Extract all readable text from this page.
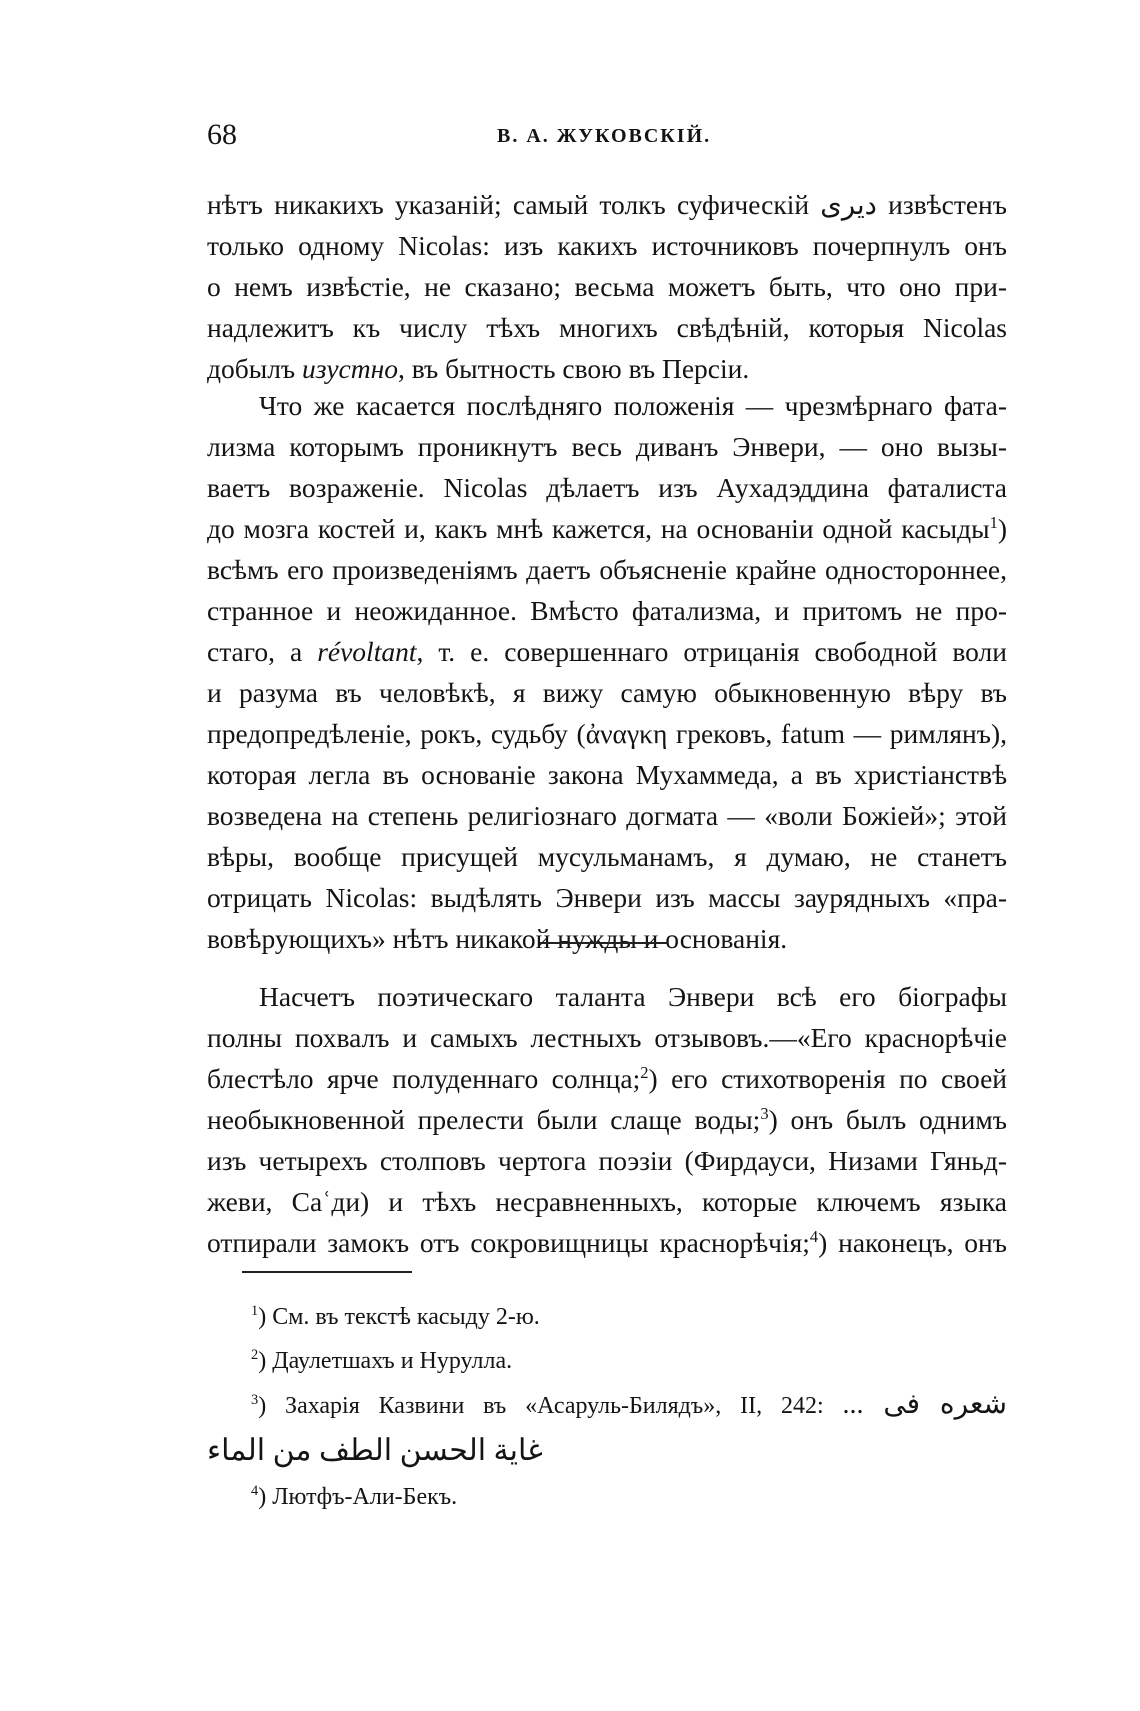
68	В. А. ЖУКОВСКІЙ.
нѣтъ никакихъ указаній; самый толкъ суфическій دیری извѣстенъ
только одному Nicolas: изъ какихъ источниковъ почерпнулъ онъ
о немъ извѣстіе, не сказано; весьма можетъ быть, что оно при-
надлежитъ къ числу тѣхъ многихъ свѣдѣній, которыя Nicolas
добылъ изустно, въ бытность свою въ Персіи.
Что же касается послѣдняго положенія — чрезмѣрнаго фата-
лизма которымъ проникнутъ весь диванъ Энвери, — оно вызы-
ваетъ возраженіе. Nicolas дѣлаетъ изъ Аухадэддина фаталиста
до мозга костей и, какъ мнѣ кажется, на основаніи одной касыды$^1$)
всѣмъ его произведеніямъ даетъ объясненіе крайне одностороннее,
странное и неожиданное. Вмѣсто фатализма, и притомъ не про-
стаго, а révoltant, т. е. совершеннаго отрицанія свободной воли
и разума въ человѣкѣ, я вижу самую обыкновенную вѣру въ
предопредѣленіе, рокъ, судьбу (ἀναγκη грековъ, fatum — римлянъ),
которая легла въ основаніе закона Мухаммеда, а въ христіанствѣ
возведена на степень религіознаго догмата — «воли Божіей»; этой
вѣры, вообще присущей мусульманамъ, я думаю, не станетъ
отрицать Nicolas: выдѣлять Энвери изъ массы заурядныхъ «пра-
вовѣрующихъ» нѣтъ никакой нужды и основанія.
Насчетъ поэтическаго таланта Энвери всѣ его біографы
полны похвалъ и самыхъ лестныхъ отзывовъ.—«Его краснорѣчіе
блестѣло ярче полуденнаго солнца;$^2$) его стихотворенія по своей
необыкновенной прелести были слаще воды;$^3$) онъ былъ однимъ
изъ четырехъ столповъ чертога поэзіи (Фирдауси, Низами Гяньд-
жеви, Саʿди) и тѣхъ несравненныхъ, которые ключемъ языка
отпирали замокъ отъ сокровищницы краснорѣчія;$^4$) наконецъ, онъ
$^1$) См. въ текстѣ касыду 2-ю.
$^2$) Даулетшахъ и Нурулла.
$^3$) Захарія Казвини въ «Асаруль-Билядъ», II, 242: شعره فی ...
غاية الحسن الطف من الماء
$^4$) Лютфъ-Али-Бекъ.
